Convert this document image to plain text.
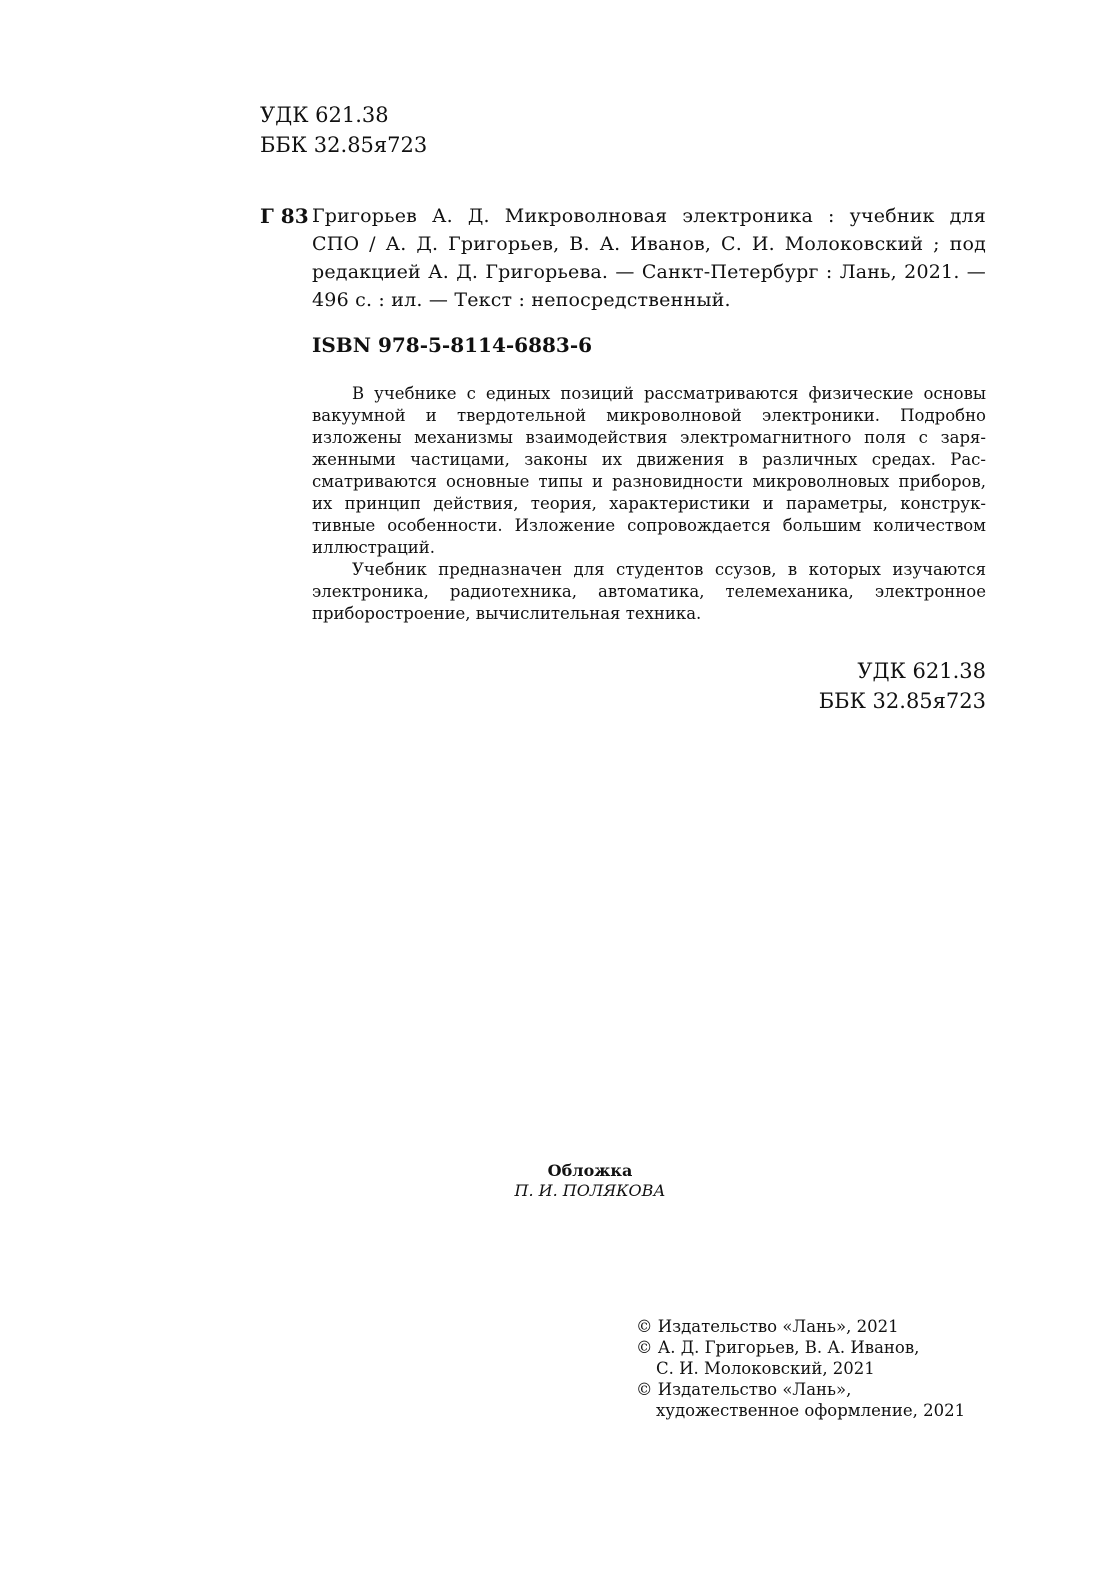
УДК 621.38
ББК 32.85я723
Г 83 Григорьев А. Д. Микроволновая электроника : учебник для
СПО / А. Д. Григорьев, В. А. Иванов, С. И. Молоковский ; под
редакцией А. Д. Григорьева. — Санкт-Петербург : Лань, 2021. —
496 с. : ил. — Текст : непосредственный.
ISBN 978-5-8114-6883-6
В учебнике с единых позиций рассматриваются физические основы
вакуумной и твердотельной микроволновой электроники. Подробно
изложены механизмы взаимодействия электромагнитного поля с заря-
женными частицами, законы их движения в различных средах. Рас-
сматриваются основные типы и разновидности микроволновых приборов,
их принцип действия, теория, характеристики и параметры, конструк-
тивные особенности. Изложение сопровождается большим количеством
иллюстраций.
Учебник предназначен для студентов ссузов, в которых изучаются
электроника, радиотехника, автоматика, телемеханика, электронное
приборостроение, вычислительная техника.
УДК 621.38
ББК 32.85я723
Обложка
П. И. ПОЛЯКОВА
© Издательство «Лань», 2021
© А. Д. Григорьев, В. А. Иванов,
С. И. Молоковский, 2021
© Издательство «Лань»,
художественное оформление, 2021
